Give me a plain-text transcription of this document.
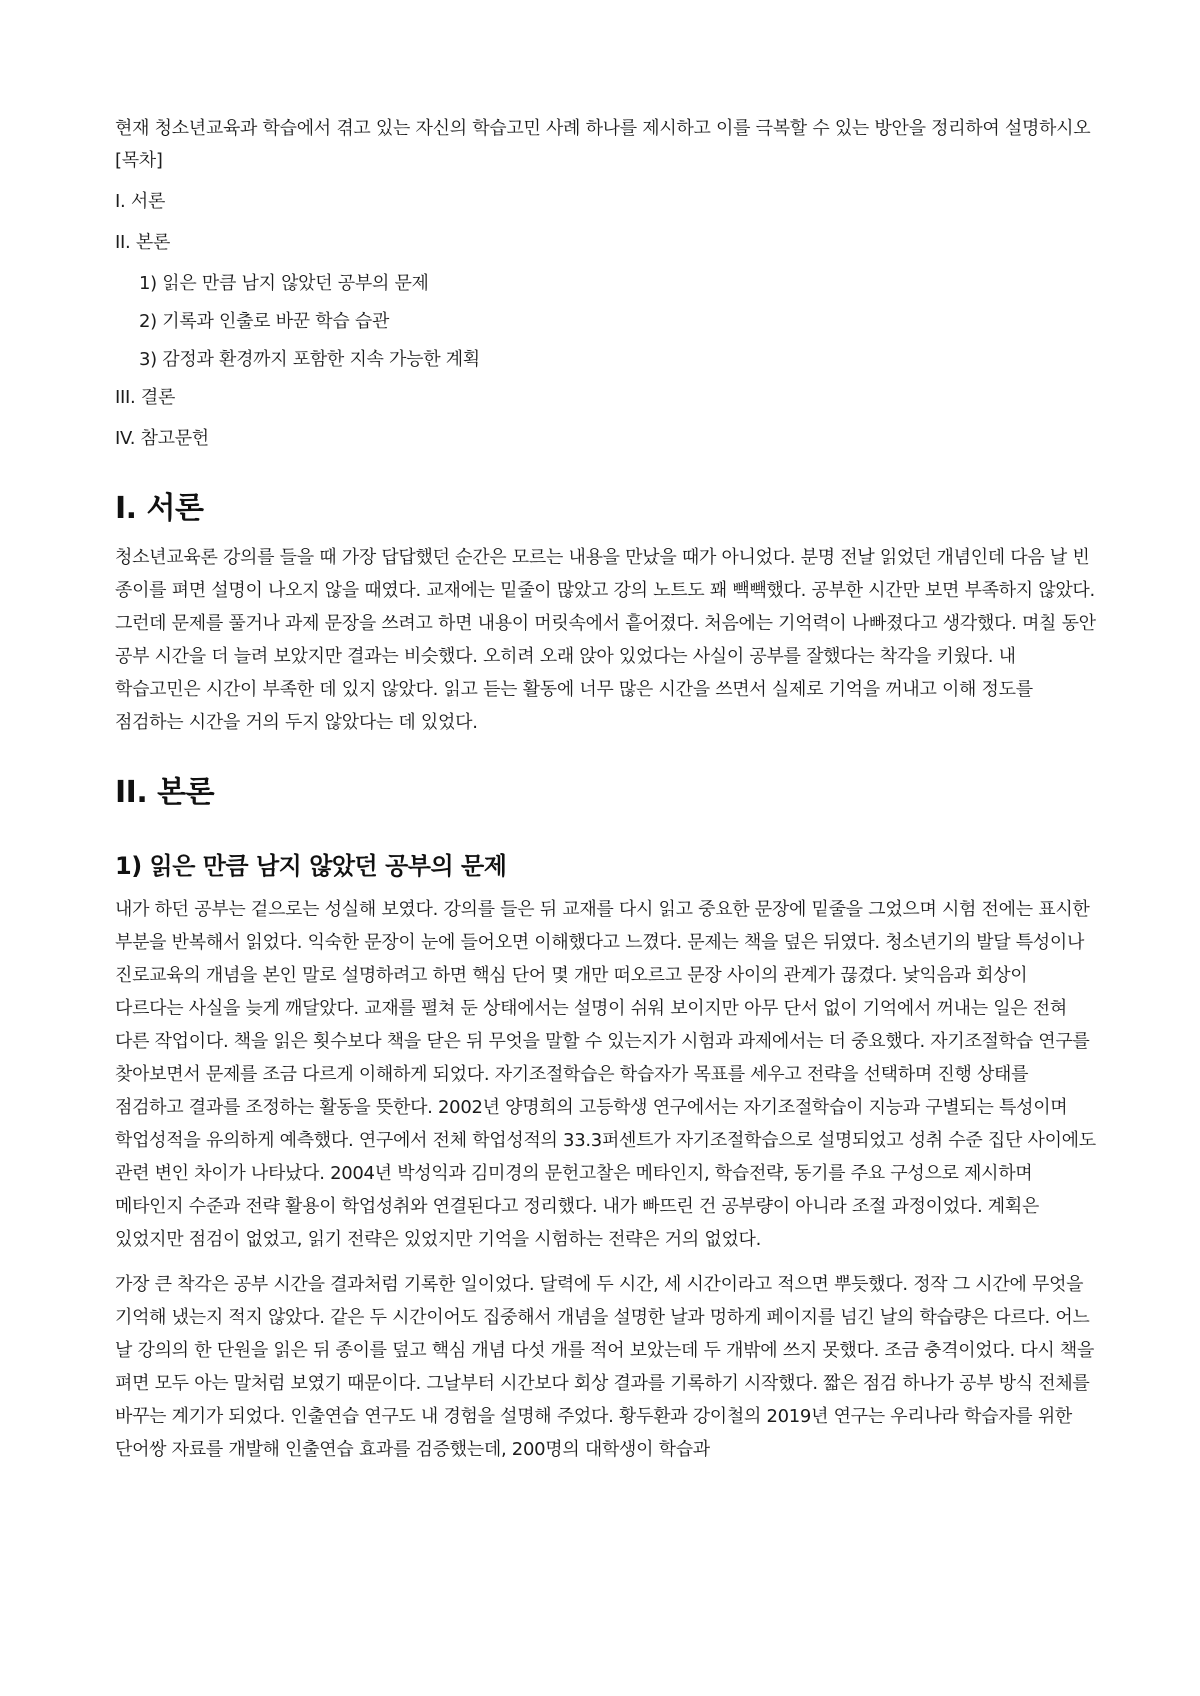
현재 청소년교육과 학습에서 겪고 있는 자신의 학습고민 사례 하나를 제시하고 이를 극복할 수 있는 방안을 정리하여 설명하시오

[목차]

I. 서론

II. 본론

1) 읽은 만큼 남지 않았던 공부의 문제

2) 기록과 인출로 바꾼 학습 습관

3) 감정과 환경까지 포함한 지속 가능한 계획

III. 결론

IV. 참고문헌

I. 서론

청소년교육론 강의를 들을 때 가장 답답했던 순간은 모르는 내용을 만났을 때가 아니었다. 분명 전날 읽었던 개념인데 다음 날 빈 종이를 펴면 설명이 나오지 않을 때였다. 교재에는 밑줄이 많았고 강의 노트도 꽤 빽빽했다. 공부한 시간만 보면 부족하지 않았다. 그런데 문제를 풀거나 과제 문장을 쓰려고 하면 내용이 머릿속에서 흩어졌다. 처음에는 기억력이 나빠졌다고 생각했다. 며칠 동안 공부 시간을 더 늘려 보았지만 결과는 비슷했다. 오히려 오래 앉아 있었다는 사실이 공부를 잘했다는 착각을 키웠다. 내 학습고민은 시간이 부족한 데 있지 않았다. 읽고 듣는 활동에 너무 많은 시간을 쓰면서 실제로 기억을 꺼내고 이해 정도를 점검하는 시간을 거의 두지 않았다는 데 있었다.

II. 본론
1) 읽은 만큼 남지 않았던 공부의 문제

내가 하던 공부는 겉으로는 성실해 보였다. 강의를 들은 뒤 교재를 다시 읽고 중요한 문장에 밑줄을 그었으며 시험 전에는 표시한 부분을 반복해서 읽었다. 익숙한 문장이 눈에 들어오면 이해했다고 느꼈다. 문제는 책을 덮은 뒤였다. 청소년기의 발달 특성이나 진로교육의 개념을 본인 말로 설명하려고 하면 핵심 단어 몇 개만 떠오르고 문장 사이의 관계가 끊겼다. 낯익음과 회상이 다르다는 사실을 늦게 깨달았다. 교재를 펼쳐 둔 상태에서는 설명이 쉬워 보이지만 아무 단서 없이 기억에서 꺼내는 일은 전혀 다른 작업이다. 책을 읽은 횟수보다 책을 닫은 뒤 무엇을 말할 수 있는지가 시험과 과제에서는 더 중요했다. 자기조절학습 연구를 찾아보면서 문제를 조금 다르게 이해하게 되었다. 자기조절학습은 학습자가 목표를 세우고 전략을 선택하며 진행 상태를 점검하고 결과를 조정하는 활동을 뜻한다. 2002년 양명희의 고등학생 연구에서는 자기조절학습이 지능과 구별되는 특성이며 학업성적을 유의하게 예측했다. 연구에서 전체 학업성적의 33.3퍼센트가 자기조절학습으로 설명되었고 성취 수준 집단 사이에도 관련 변인 차이가 나타났다. 2004년 박성익과 김미경의 문헌고찰은 메타인지, 학습전략, 동기를 주요 구성으로 제시하며 메타인지 수준과 전략 활용이 학업성취와 연결된다고 정리했다. 내가 빠뜨린 건 공부량이 아니라 조절 과정이었다. 계획은 있었지만 점검이 없었고, 읽기 전략은 있었지만 기억을 시험하는 전략은 거의 없었다.

가장 큰 착각은 공부 시간을 결과처럼 기록한 일이었다. 달력에 두 시간, 세 시간이라고 적으면 뿌듯했다. 정작 그 시간에 무엇을 기억해 냈는지 적지 않았다. 같은 두 시간이어도 집중해서 개념을 설명한 날과 멍하게 페이지를 넘긴 날의 학습량은 다르다. 어느 날 강의의 한 단원을 읽은 뒤 종이를 덮고 핵심 개념 다섯 개를 적어 보았는데 두 개밖에 쓰지 못했다. 조금 충격이었다. 다시 책을 펴면 모두 아는 말처럼 보였기 때문이다. 그날부터 시간보다 회상 결과를 기록하기 시작했다. 짧은 점검 하나가 공부 방식 전체를 바꾸는 계기가 되었다. 인출연습 연구도 내 경험을 설명해 주었다. 황두환과 강이철의 2019년 연구는 우리나라 학습자를 위한 단어쌍 자료를 개발해 인출연습 효과를 검증했는데, 200명의 대학생이 학습과
